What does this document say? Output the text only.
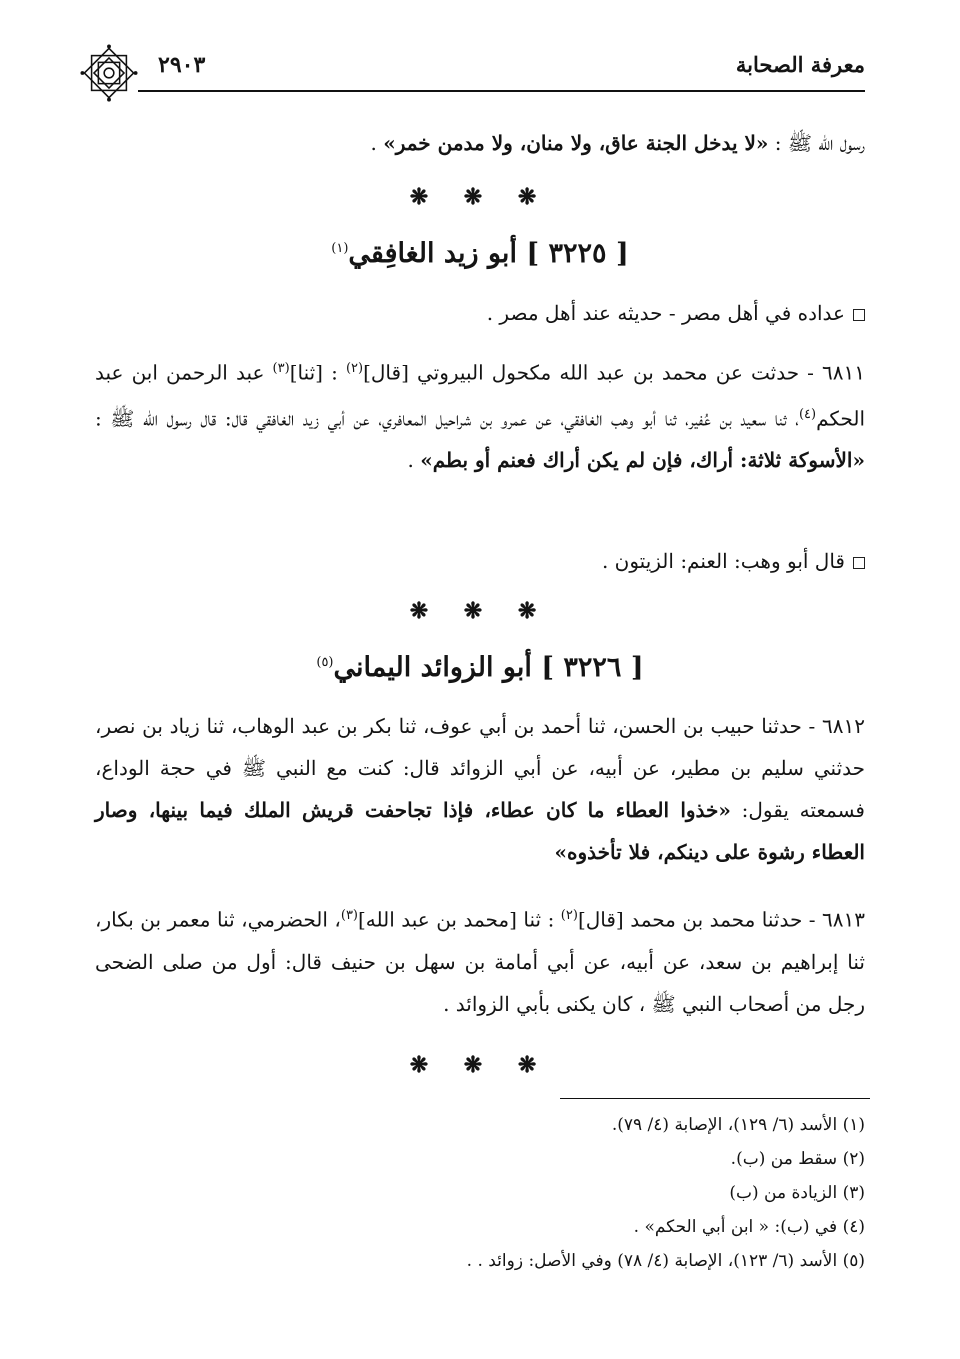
معرفة الصحابة
٢٩٠٣

رسول الله ﷺ : «لا يدخل الجنة عاق، ولا منان، ولا مدمن خمر» .

❋ ❋ ❋
[ ٣٢٢٥ ] أبو زيد الغافِقي$^{(١)}$

عداده في أهل مصر - حديثه عند أهل مصر .

٦٨١١ - حدثت عن محمد بن عبد الله مكحول البيروتي [قال]$^{(٢)}$ : [ثنا]$^{(٣)}$ عبد الرحمن ابن عبد الحكم$^{(٤)}$، ثنا سعيد بن عُفير، ثنا أبو وهب الغافقي، عن عمرو بن شراحيل المعافري، عن أبي زيد الغافقي قال: قال رسول الله ﷺ : «الأسوكة ثلاثة: أراك، فإن لم يكن أراك فعنم أو بطم» .

قال أبو وهب: العنم: الزيتون .

❋ ❋ ❋
[ ٣٢٢٦ ] أبو الزوائد اليماني$^{(٥)}$

٦٨١٢ - حدثنا حبيب بن الحسن، ثنا أحمد بن أبي عوف، ثنا بكر بن عبد الوهاب، ثنا زياد بن نصر، حدثني سليم بن مطير، عن أبيه، عن أبي الزوائد قال: كنت مع النبي ﷺ في حجة الوداع، فسمعته يقول: «خذوا العطاء ما كان عطاء، فإذا تجاحفت قريش الملك فيما بينها، وصار العطاء رشوة على دينكم، فلا تأخذوه»

٦٨١٣ - حدثنا محمد بن محمد [قال]$^{(٢)}$ : ثنا [محمد بن عبد الله]$^{(٣)}$، الحضرمي، ثنا معمر بن بكار، ثنا إبراهيم بن سعد، عن أبيه، عن أبي أمامة بن سهل بن حنيف قال: أول من صلى الضحى رجل من أصحاب النبي ﷺ ، كان يكنى بأبي الزوائد .

❋ ❋ ❋

(١) الأسد (٦/ ١٢٩)، الإصابة (٤/ ٧٩).

(٢) سقط من (ب).

(٣) الزيادة من (ب)

(٤) في (ب): « ابن أبي الحكم» .

(٥) الأسد (٦/ ١٢٣)، الإصابة (٤/ ٧٨) وفي الأصل: زوائد . .
